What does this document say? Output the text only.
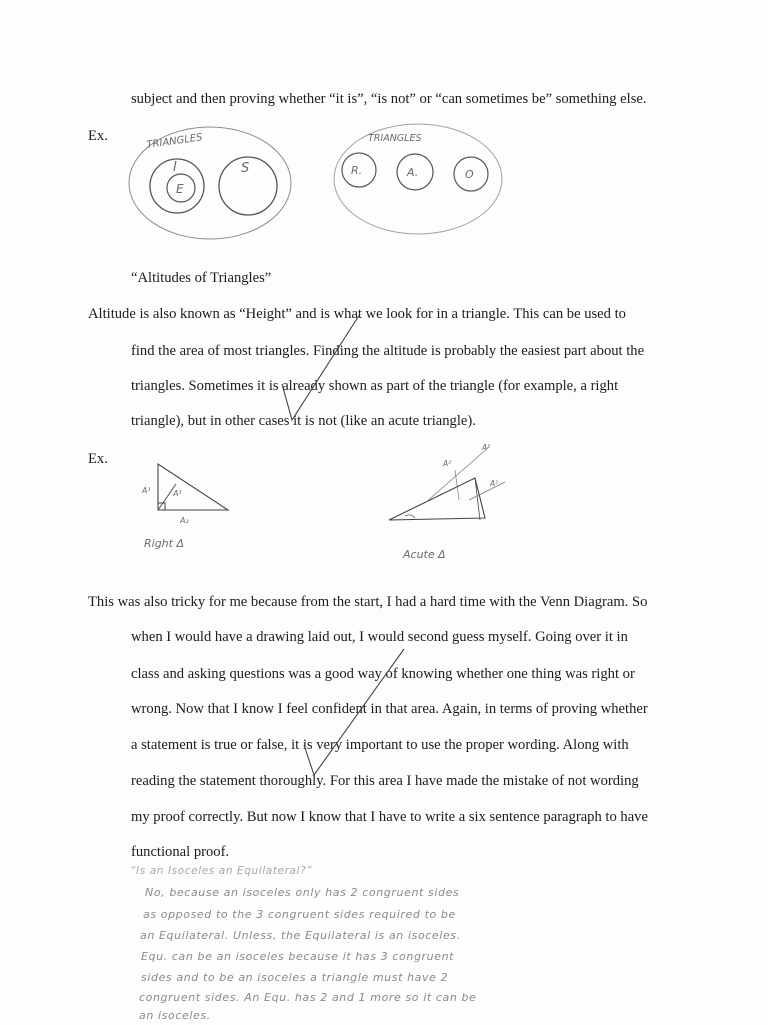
subject and then proving whether “it is”, “is not” or “can sometimes be” something else.
Ex.	TRIANGLES
I
E
S
TRIANGLES
R.	A.	O
“Altitudes of Triangles”
Altitude is also known as “Height” and is what we look for in a triangle. This can be used to
find the area of most triangles. Finding the altitude is probably the easiest part about the
triangles. Sometimes it is already shown as part of the triangle (for example, a right
triangle), but in other cases it is not (like an acute triangle).
Ex.
A¹	A³
A₂
Right Δ
A²
A³
A¹
Acute Δ
This was also tricky for me because from the start, I had a hard time with the Venn Diagram. So
when I would have a drawing laid out, I would second guess myself. Going over it in
class and asking questions was a good way of knowing whether one thing was right or
wrong. Now that I know I feel confident in that area. Again, in terms of proving whether
a statement is true or false, it is very important to use the proper wording. Along with
reading the statement thoroughly. For this area I have made the mistake of not wording
my proof correctly. But now I know that I have to write a six sentence paragraph to have
functional proof.
“Is an Isoceles an Equilateral?”
No, because an isoceles only has 2 congruent sides
as opposed to the 3 congruent sides required to be
an Equilateral. Unless, the Equilateral is an isoceles.
Equ. can be an isoceles because it has 3 congruent
sides and to be an isoceles a triangle must have 2
congruent sides. An Equ. has 2 and 1 more so it can be
an isoceles.
